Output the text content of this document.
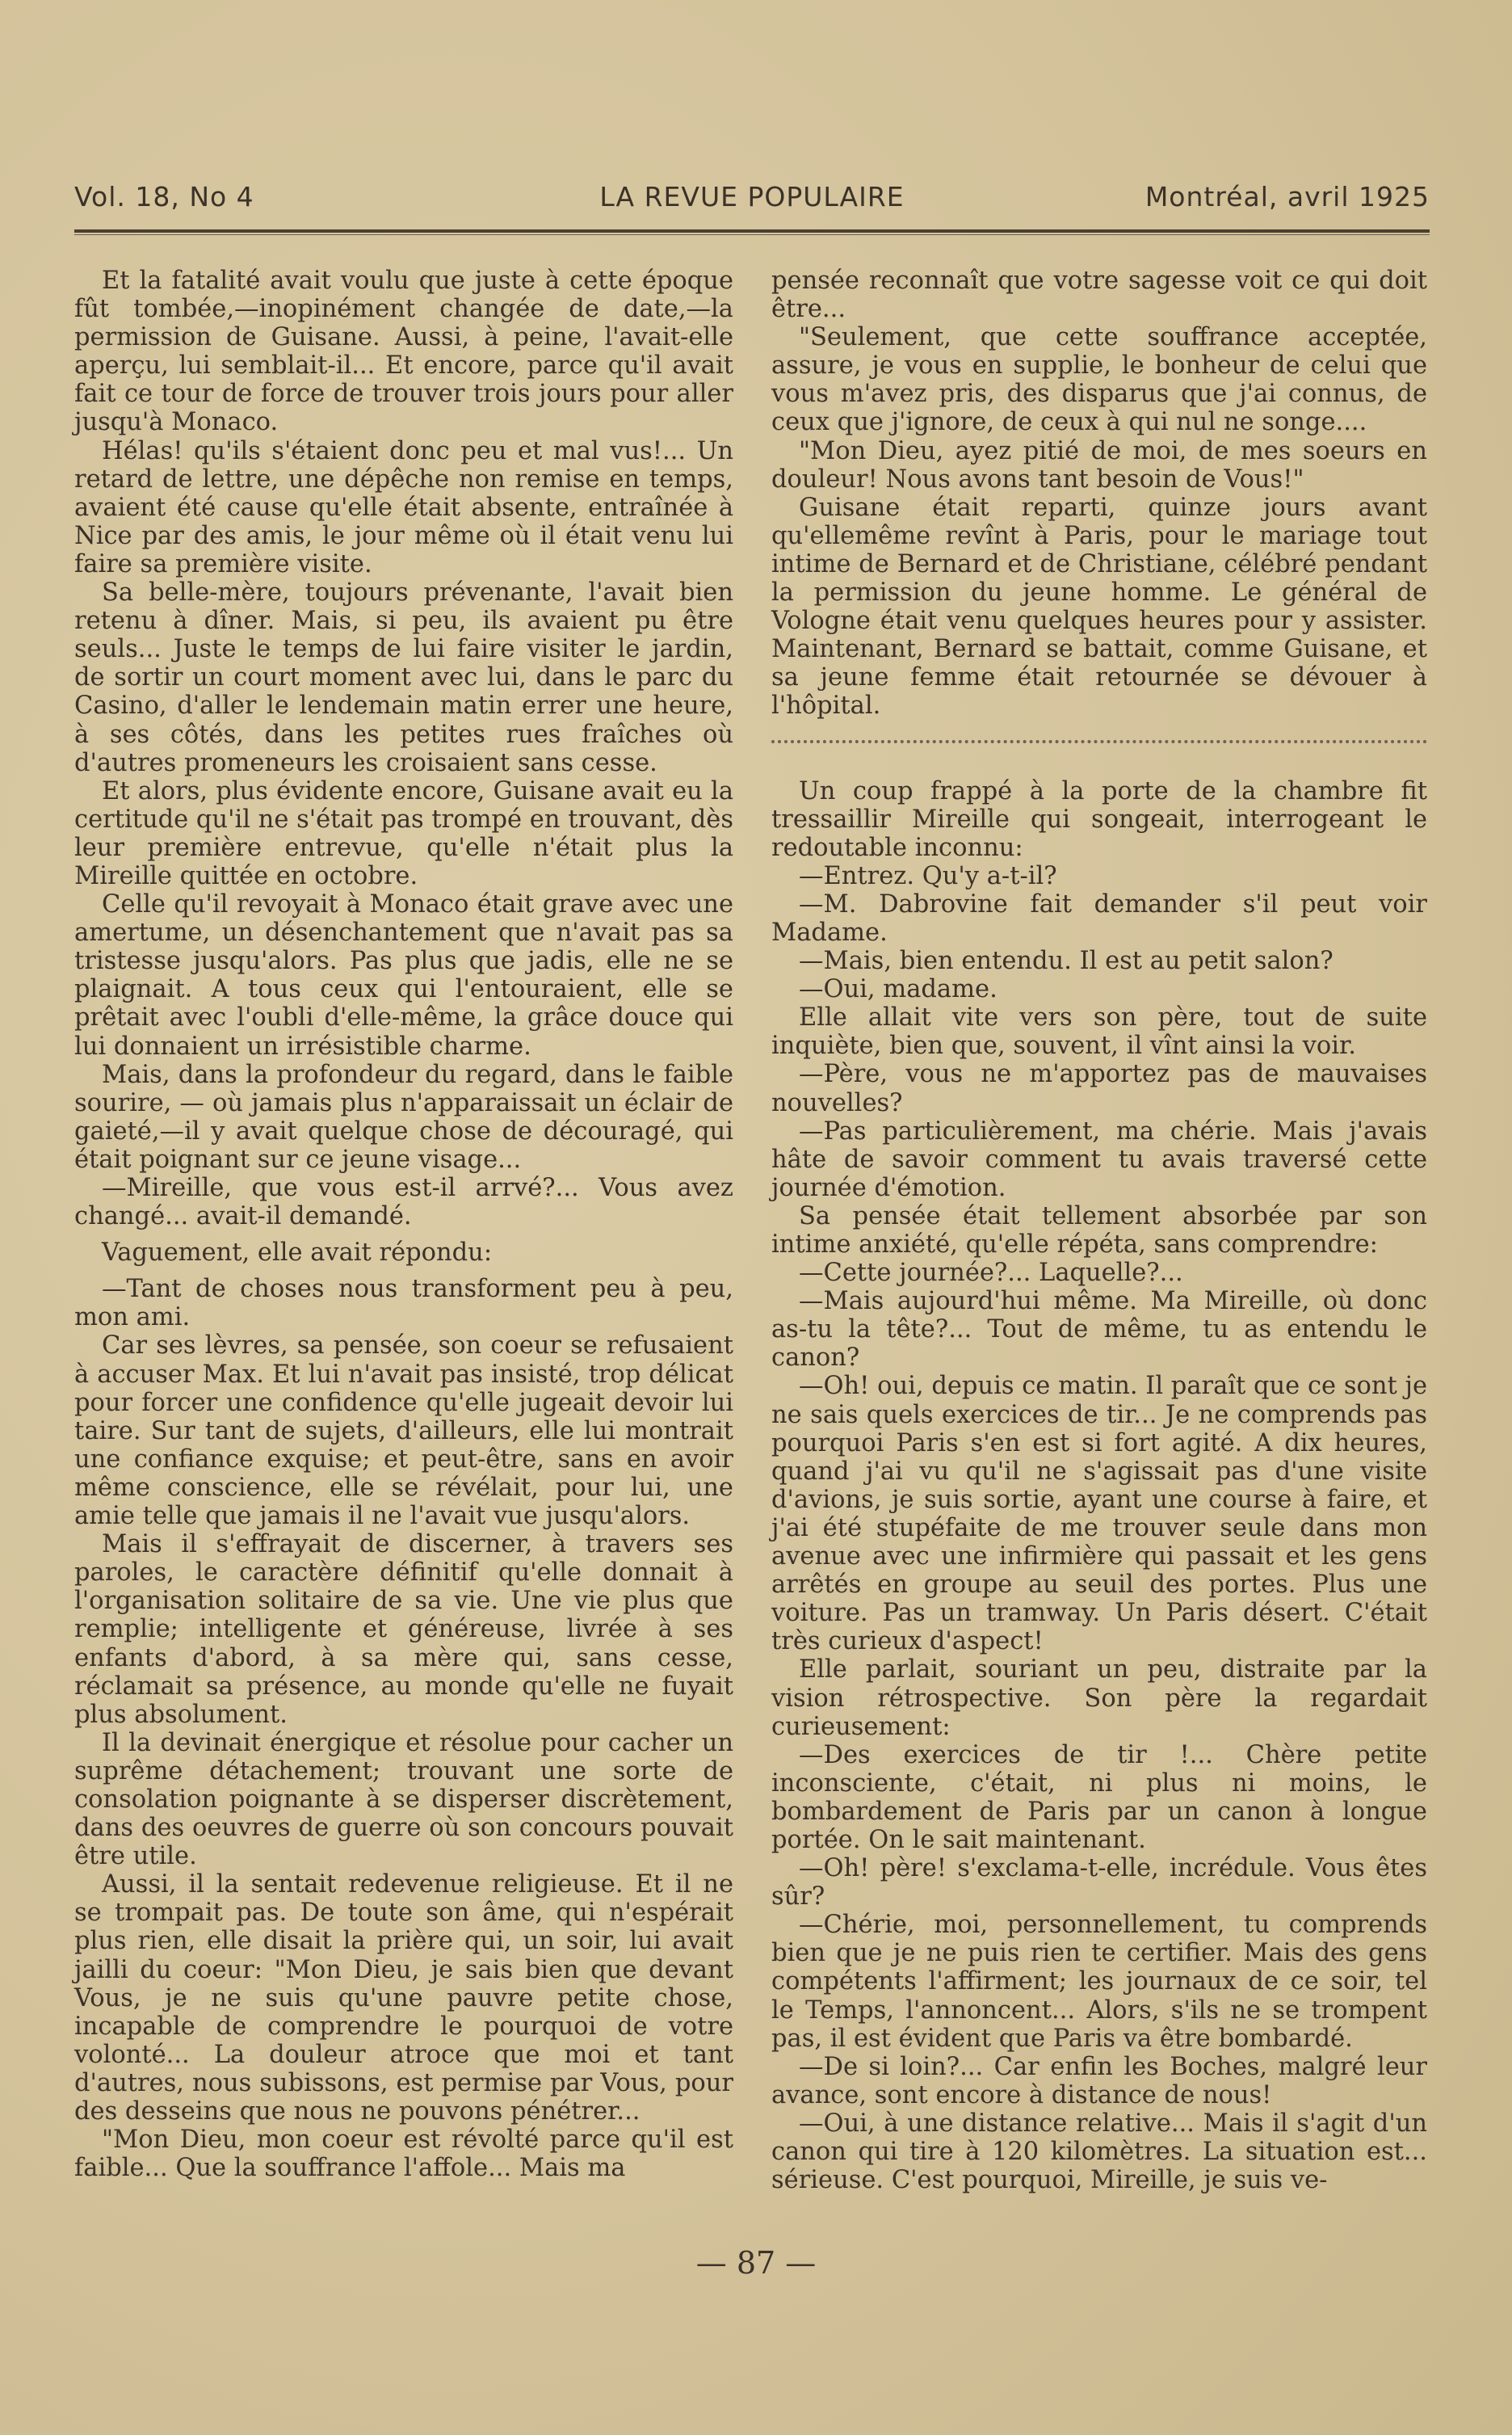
Vol. 18, No 4	LA REVUE POPULAIRE	Montréal, avril 1925

Et la fatalité avait voulu que juste à cette époque fût tombée,—inopinément changée de date,—la permission de Guisane. Aussi, à peine, l'avait-elle aperçu, lui semblait-il... Et encore, parce qu'il avait fait ce tour de force de trouver trois jours pour aller jusqu'à Monaco.

Hélas! qu'ils s'étaient donc peu et mal vus!... Un retard de lettre, une dépêche non remise en temps, avaient été cause qu'elle était absente, entraînée à Nice par des amis, le jour même où il était venu lui faire sa première visite.

Sa belle-mère, toujours prévenante, l'avait bien retenu à dîner. Mais, si peu, ils avaient pu être seuls... Juste le temps de lui faire visiter le jardin, de sortir un court moment avec lui, dans le parc du Casino, d'aller le lendemain matin errer une heure, à ses côtés, dans les petites rues fraîches où d'autres promeneurs les croisaient sans cesse.

Et alors, plus évidente encore, Guisane avait eu la certitude qu'il ne s'était pas trompé en trouvant, dès leur première entrevue, qu'elle n'était plus la Mireille quittée en octobre.

Celle qu'il revoyait à Monaco était grave avec une amertume, un désenchantement que n'avait pas sa tristesse jusqu'alors. Pas plus que jadis, elle ne se plaignait. A tous ceux qui l'entouraient, elle se prêtait avec l'oubli d'elle-même, la grâce douce qui lui donnaient un irrésistible charme.

Mais, dans la profondeur du regard, dans le faible sourire, — où jamais plus n'apparaissait un éclair de gaieté,—il y avait quelque chose de découragé, qui était poignant sur ce jeune visage...

—Mireille, que vous est-il arrvé?... Vous avez changé... avait-il demandé.

Vaguement, elle avait répondu:

—Tant de choses nous transforment peu à peu, mon ami.

Car ses lèvres, sa pensée, son coeur se refusaient à accuser Max. Et lui n'avait pas insisté, trop délicat pour forcer une confidence qu'elle jugeait devoir lui taire. Sur tant de sujets, d'ailleurs, elle lui montrait une confiance exquise; et peut-être, sans en avoir même conscience, elle se révélait, pour lui, une amie telle que jamais il ne l'avait vue jusqu'alors.

Mais il s'effrayait de discerner, à travers ses paroles, le caractère définitif qu'elle donnait à l'organisation solitaire de sa vie. Une vie plus que remplie; intelligente et généreuse, livrée à ses enfants d'abord, à sa mère qui, sans cesse, réclamait sa présence, au monde qu'elle ne fuyait plus absolument.

Il la devinait énergique et résolue pour cacher un suprême détachement; trouvant une sorte de consolation poignante à se disperser discrètement, dans des oeuvres de guerre où son concours pouvait être utile.

Aussi, il la sentait redevenue religieuse. Et il ne se trompait pas. De toute son âme, qui n'espérait plus rien, elle disait la prière qui, un soir, lui avait jailli du coeur: "Mon Dieu, je sais bien que devant Vous, je ne suis qu'une pauvre petite chose, incapable de comprendre le pourquoi de votre volonté... La douleur atroce que moi et tant d'autres, nous subissons, est permise par Vous, pour des desseins que nous ne pouvons pénétrer...

"Mon Dieu, mon coeur est révolté parce qu'il est faible... Que la souffrance l'affole... Mais ma

pensée reconnaît que votre sagesse voit ce qui doit être...

"Seulement, que cette souffrance acceptée, assure, je vous en supplie, le bonheur de celui que vous m'avez pris, des disparus que j'ai connus, de ceux que j'ignore, de ceux à qui nul ne songe....

"Mon Dieu, ayez pitié de moi, de mes soeurs en douleur! Nous avons tant besoin de Vous!"

Guisane était reparti, quinze jours avant qu'ellemême revînt à Paris, pour le mariage tout intime de Bernard et de Christiane, célébré pendant la permission du jeune homme. Le général de Vologne était venu quelques heures pour y assister. Maintenant, Bernard se battait, comme Guisane, et sa jeune femme était retournée se dévouer à l'hôpital.

Un coup frappé à la porte de la chambre fit tressaillir Mireille qui songeait, interrogeant le redoutable inconnu:

—Entrez. Qu'y a-t-il?

—M. Dabrovine fait demander s'il peut voir Madame.

—Mais, bien entendu. Il est au petit salon?

—Oui, madame.

Elle allait vite vers son père, tout de suite inquiète, bien que, souvent, il vînt ainsi la voir.

—Père, vous ne m'apportez pas de mauvaises nouvelles?

—Pas particulièrement, ma chérie. Mais j'avais hâte de savoir comment tu avais traversé cette journée d'émotion.

Sa pensée était tellement absorbée par son intime anxiété, qu'elle répéta, sans comprendre:

—Cette journée?... Laquelle?...

—Mais aujourd'hui même. Ma Mireille, où donc as-tu la tête?... Tout de même, tu as entendu le canon?

—Oh! oui, depuis ce matin. Il paraît que ce sont je ne sais quels exercices de tir... Je ne comprends pas pourquoi Paris s'en est si fort agité. A dix heures, quand j'ai vu qu'il ne s'agissait pas d'une visite d'avions, je suis sortie, ayant une course à faire, et j'ai été stupéfaite de me trouver seule dans mon avenue avec une infirmière qui passait et les gens arrêtés en groupe au seuil des portes. Plus une voiture. Pas un tramway. Un Paris désert. C'était très curieux d'aspect!

Elle parlait, souriant un peu, distraite par la vision rétrospective. Son père la regardait curieusement:

—Des exercices de tir !... Chère petite inconsciente, c'était, ni plus ni moins, le bombardement de Paris par un canon à longue portée. On le sait maintenant.

—Oh! père! s'exclama-t-elle, incrédule. Vous êtes sûr?

—Chérie, moi, personnellement, tu comprends bien que je ne puis rien te certifier. Mais des gens compétents l'affirment; les journaux de ce soir, tel le Temps, l'annoncent... Alors, s'ils ne se trompent pas, il est évident que Paris va être bombardé.

—De si loin?... Car enfin les Boches, malgré leur avance, sont encore à distance de nous!

—Oui, à une distance relative... Mais il s'agit d'un canon qui tire à 120 kilomètres. La situation est... sérieuse. C'est pourquoi, Mireille, je suis ve-

— 87 —
